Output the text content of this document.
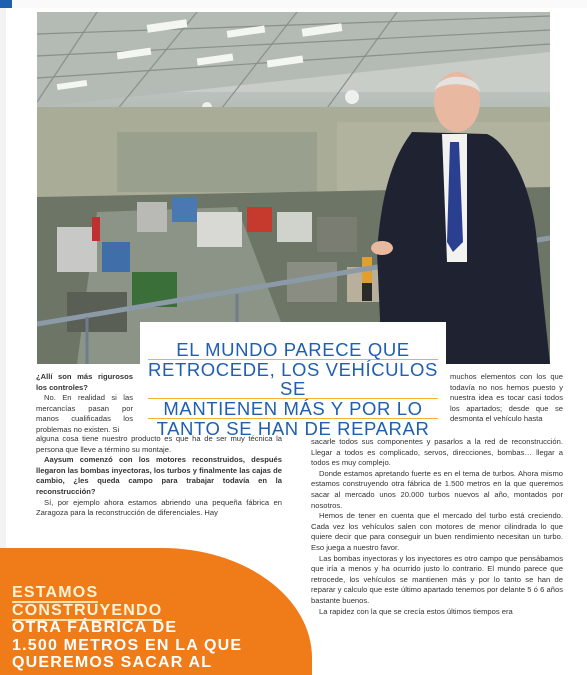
EL MUNDO PARECE QUE
RETROCEDE, LOS VEHÍCULOS SE
MANTIENEN MÁS Y POR LO
TANTO SE HAN DE REPARAR

¿Allí son más rigurosos los controles?

No. En realidad si las mercancías pasan por manos cualificadas los problemas no existen. Si

alguna cosa tiene nuestro producto es que ha de ser muy técnica la persona que lleve a término su montaje.

Aaysum comenzó con los motores reconstruidos, después llegaron las bombas inyectoras, los turbos y finalmente las cajas de cambio, ¿les queda campo para trabajar todavía en la reconstrucción?

Sí, por ejemplo ahora estamos abriendo una pequeña fábrica en Zaragoza para la reconstrucción de diferenciales. Hay

muchos elementos con los que todavía no nos hemos puesto y nuestra idea es tocar casi todos los apartados; desde que se desmonta el vehículo hasta

sacarle todos sus componentes y pasarlos a la red de reconstrucción. Llegar a todos es complicado, servos, direcciones, bombas… llegar a todos es muy complejo.

Donde estamos apretando fuerte es en el tema de turbos. Ahora mismo estamos construyendo otra fábrica de 1.500 metros en la que queremos sacar al mercado unos 20.000 turbos nuevos al año, montados por nosotros.

Hemos de tener en cuenta que el mercado del turbo está creciendo. Cada vez los vehículos salen con motores de menor cilindrada lo que quiere decir que para conseguir un buen rendimiento necesitan un turbo. Eso juega a nuestro favor.

Las bombas inyectoras y los inyectores es otro campo que pensábamos que iría a menos y ha ocurrido justo lo contrario. El mundo parece que retrocede, los vehículos se mantienen más y por lo tanto se han de reparar y calculo que este último apartado tenemos por delante 5 ó 6 años bastante buenos.

La rapidez con la que se crecía estos últimos tiempos era

ESTAMOS
CONSTRUYENDO
OTRA FÁBRICA DE
1.500 METROS EN LA QUE
QUEREMOS SACAR AL
